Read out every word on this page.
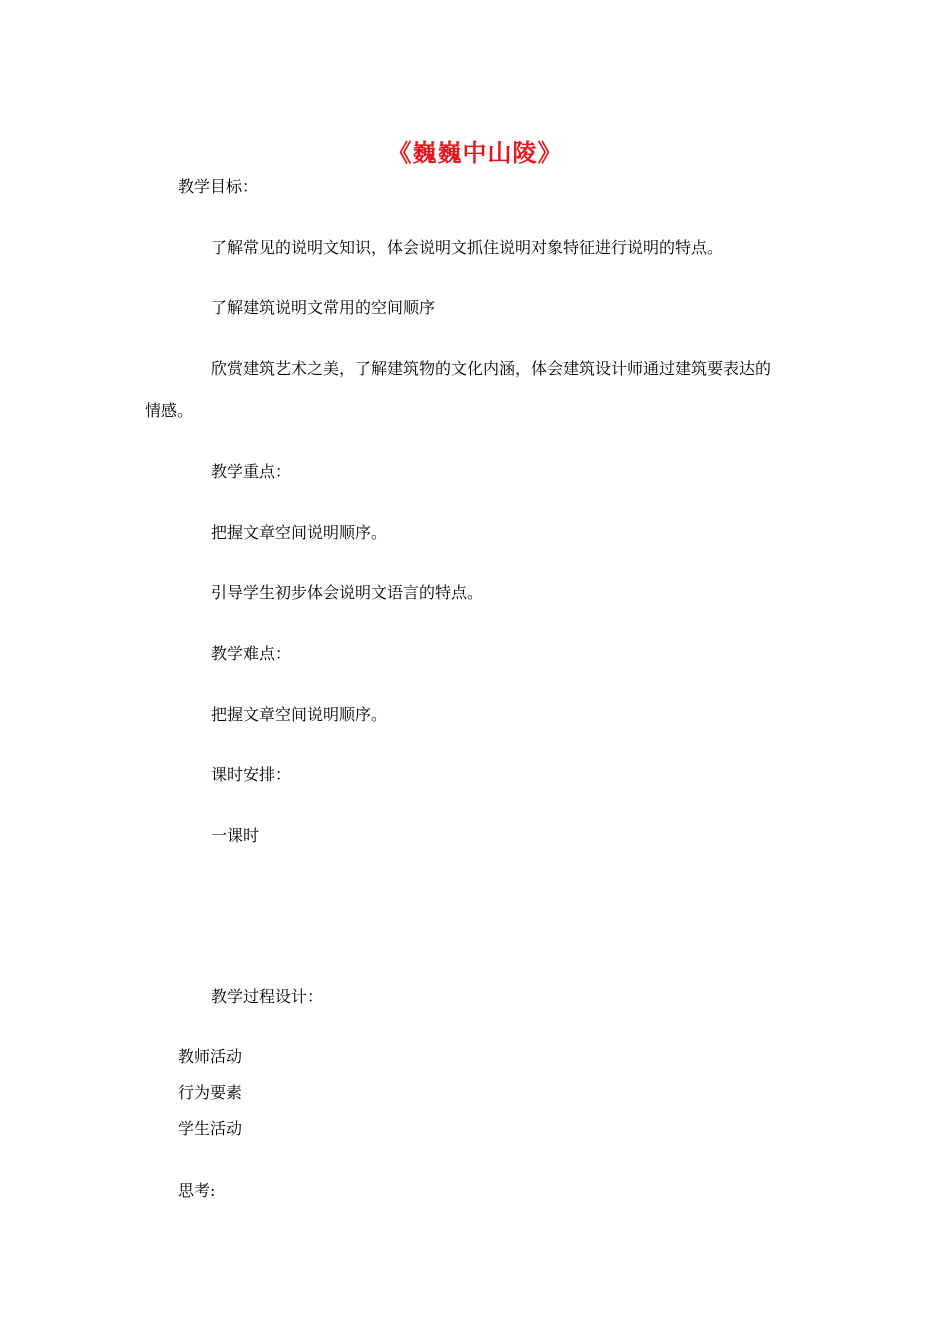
《巍巍中山陵》
教学目标：
了解常见的说明文知识，体会说明文抓住说明对象特征进行说明的特点。
了解建筑说明文常用的空间顺序
欣赏建筑艺术之美，了解建筑物的文化内涵，体会建筑设计师通过建筑要表达的
情感。
教学重点：
把握文章空间说明顺序。
引导学生初步体会说明文语言的特点。
教学难点：
把握文章空间说明顺序。
课时安排：
一课时
教学过程设计：
教师活动
行为要素
学生活动
思考:
